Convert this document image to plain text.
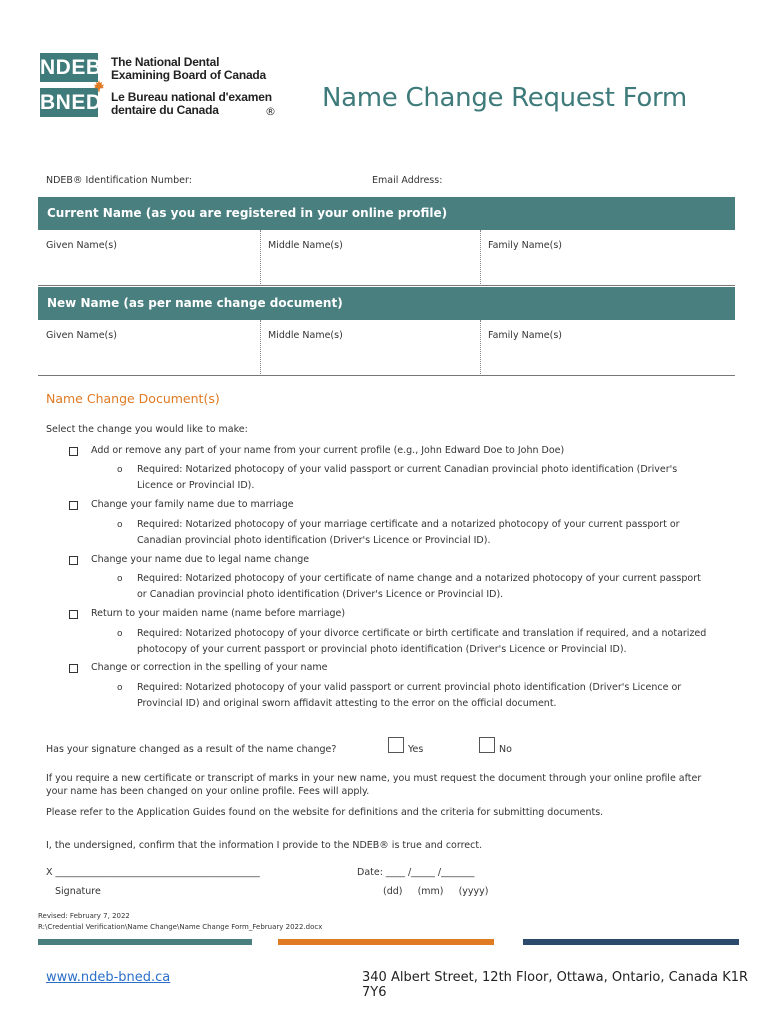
NDEB
BNED
The National Dental
Examining Board of Canada
Le Bureau national d'examen
dentaire du Canada	® Name Change Request Form
NDEB® Identification Number:	Email Address:
Current Name (as you are registered in your online profile)
Given Name(s)	Middle Name(s)	Family Name(s)
New Name (as per name change document)
Given Name(s)	Middle Name(s)	Family Name(s)
Name Change Document(s)
Select the change you would like to make:
Add or remove any part of your name from your current profile (e.g., John Edward Doe to John Doe)
o Required: Notarized photocopy of your valid passport or current Canadian provincial photo identification (Driver's
Licence or Provincial ID).
Change your family name due to marriage
o Required: Notarized photocopy of your marriage certificate and a notarized photocopy of your current passport or
Canadian provincial photo identification (Driver's Licence or Provincial ID).
Change your name due to legal name change
o Required: Notarized photocopy of your certificate of name change and a notarized photocopy of your current passport
or Canadian provincial photo identification (Driver's Licence or Provincial ID).
Return to your maiden name (name before marriage)
o Required: Notarized photocopy of your divorce certificate or birth certificate and translation if required, and a notarized
photocopy of your current passport or provincial photo identification (Driver's Licence or Provincial ID).
Change or correction in the spelling of your name
o Required: Notarized photocopy of your valid passport or current provincial photo identification (Driver's Licence or
Provincial ID) and original sworn affidavit attesting to the error on the official document.
Has your signature changed as a result of the name change?	Yes	No
If you require a new certificate or transcript of marks in your new name, you must request the document through your online profile after
your name has been changed on your online profile. Fees will apply.
Please refer to the Application Guides found on the website for definitions and the criteria for submitting documents.
I, the undersigned, confirm that the information I provide to the NDEB® is true and correct.
X ___________________________________________
Signature
Date: ____ /_____ /_______
(dd)     (mm)     (yyyy)
Revised: February 7, 2022
R:\Credential Verification\Name Change\Name Change Form_February 2022.docx
www.ndeb-bned.ca	340 Albert Street, 12th Floor, Ottawa, Ontario, Canada K1R 7Y6
